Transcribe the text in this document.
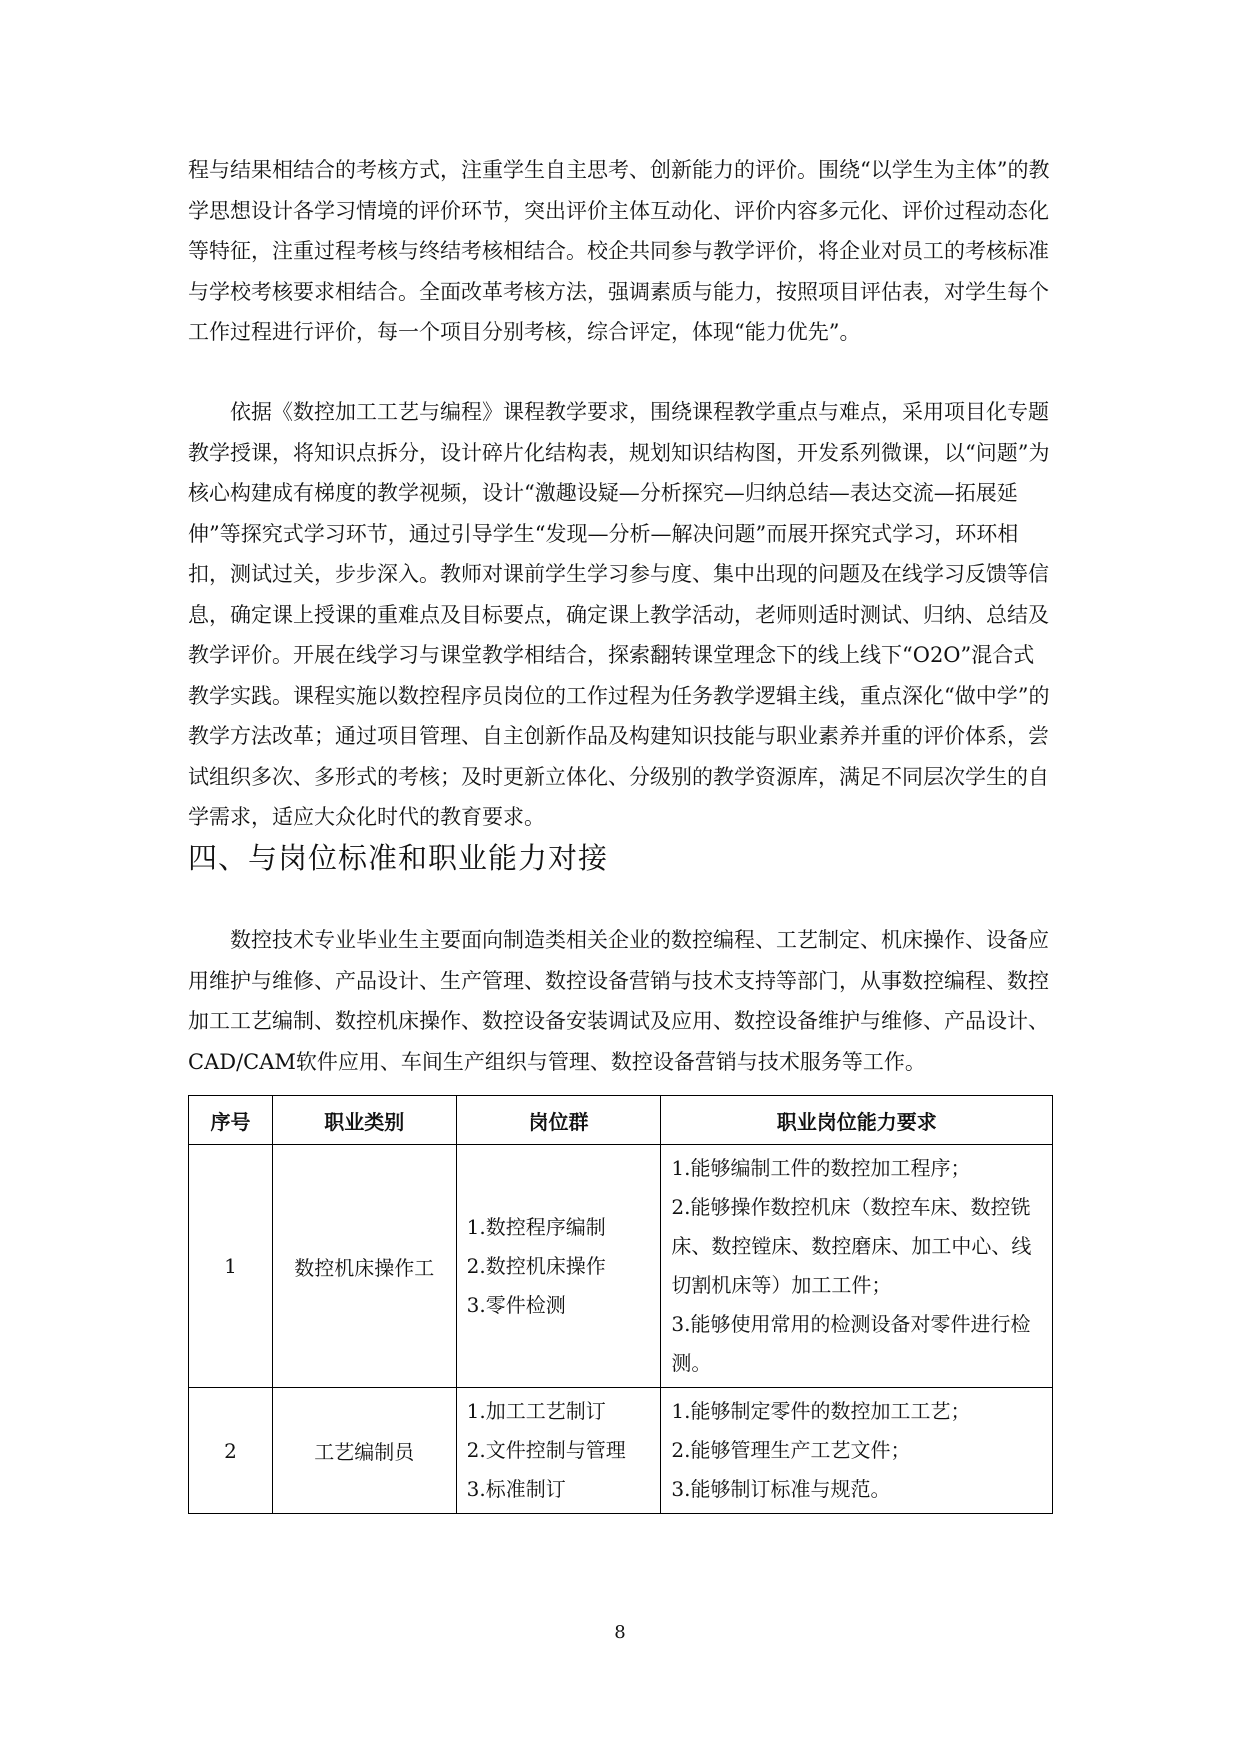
程与结果相结合的考核方式，注重学生自主思考、创新能力的评价。围绕“以学生为主体”的教学思想设计各学习情境的评价环节，突出评价主体互动化、评价内容多元化、评价过程动态化等特征，注重过程考核与终结考核相结合。校企共同参与教学评价，将企业对员工的考核标准与学校考核要求相结合。全面改革考核方法，强调素质与能力，按照项目评估表，对学生每个工作过程进行评价，每一个项目分别考核，综合评定，体现“能力优先”。

依据《数控加工工艺与编程》课程教学要求，围绕课程教学重点与难点，采用项目化专题教学授课，将知识点拆分，设计碎片化结构表，规划知识结构图，开发系列微课，以“问题”为核心构建成有梯度的教学视频，设计“激趣设疑—分析探究—归纳总结—表达交流—拓展延伸”等探究式学习环节，通过引导学生“发现—分析—解决问题”而展开探究式学习，环环相扣，测试过关，步步深入。教师对课前学生学习参与度、集中出现的问题及在线学习反馈等信息，确定课上授课的重难点及目标要点，确定课上教学活动，老师则适时测试、归纳、总结及教学评价。开展在线学习与课堂教学相结合，探索翻转课堂理念下的线上线下“O2O”混合式教学实践。课程实施以数控程序员岗位的工作过程为任务教学逻辑主线，重点深化“做中学”的教学方法改革；通过项目管理、自主创新作品及构建知识技能与职业素养并重的评价体系，尝试组织多次、多形式的考核；及时更新立体化、分级别的教学资源库，满足不同层次学生的自学需求，适应大众化时代的教育要求。

四、与岗位标准和职业能力对接

数控技术专业毕业生主要面向制造类相关企业的数控编程、工艺制定、机床操作、设备应用维护与维修、产品设计、生产管理、数控设备营销与技术支持等部门，从事数控编程、数控加工工艺编制、数控机床操作、数控设备安装调试及应用、数控设备维护与维修、产品设计、CAD/CAM软件应用、车间生产组织与管理、数控设备营销与技术服务等工作。

序号	职业类别	岗位群	职业岗位能力要求
1	数控机床操作工	1.数控程序编制
2.数控机床操作
3.零件检测	1.能够编制工件的数控加工程序；
2.能够操作数控机床（数控车床、数控铣床、数控镗床、数控磨床、加工中心、线切割机床等）加工工件；
3.能够使用常用的检测设备对零件进行检测。

2	工艺编制员	1.加工工艺制订
2.文件控制与管理
3.标准制订	1.能够制定零件的数控加工工艺；
2.能够管理生产工艺文件；
3.能够制订标准与规范。
8
